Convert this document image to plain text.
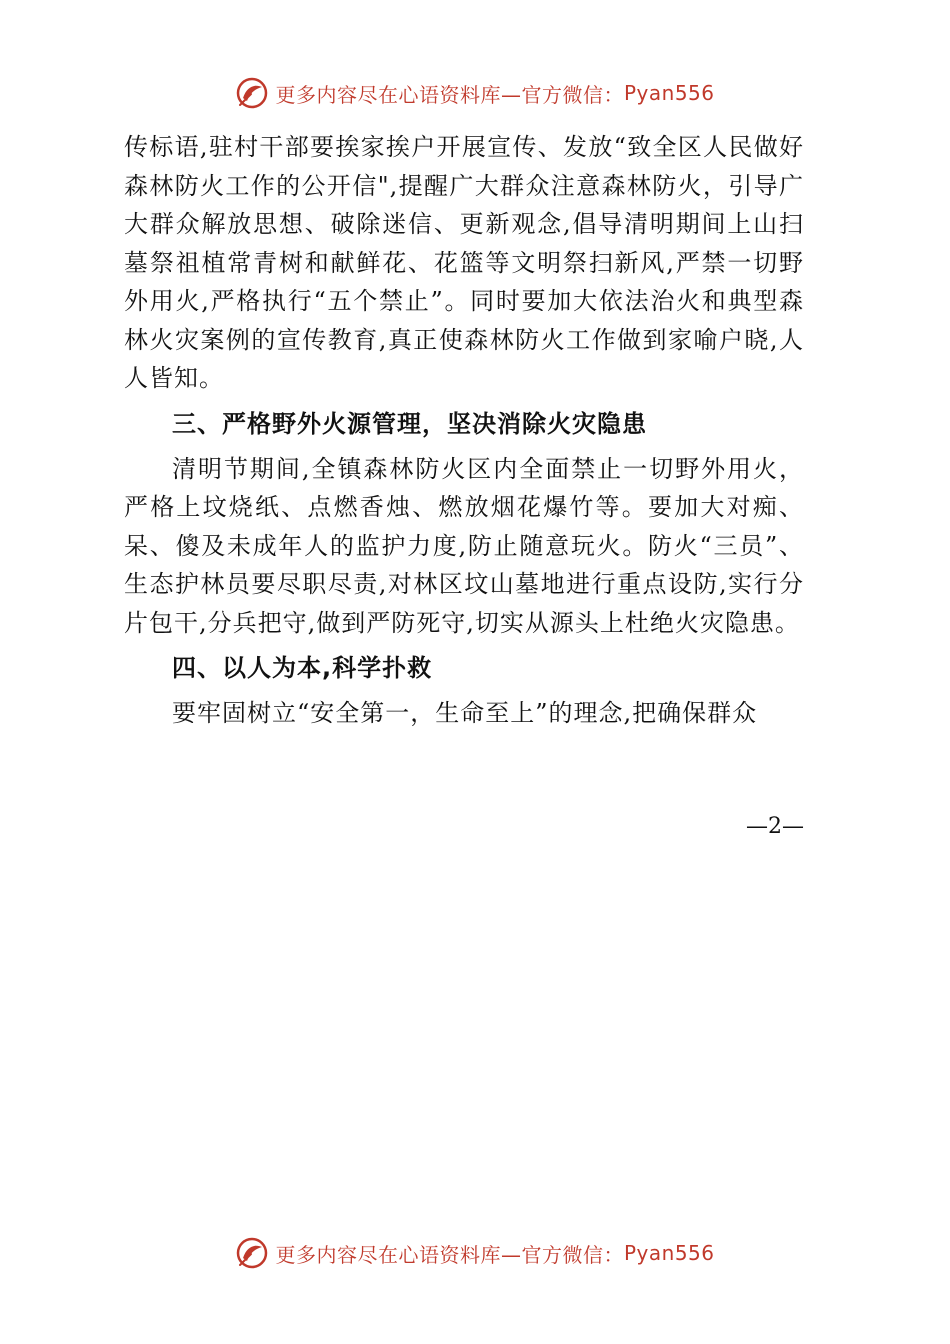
更多内容尽在心语资料库—官方微信： Pyan556

传标语,驻村干部要挨家挨户开展宣传、发放“致全区人民做好森林防火工作的公开信",提醒广大群众注意森林防火，引导广大群众解放思想、破除迷信、更新观念,倡导清明期间上山扫墓祭祖植常青树和献鲜花、花篮等文明祭扫新风,严禁一切野外用火,严格执行“五个禁止”。同时要加大依法治火和典型森林火灾案例的宣传教育,真正使森林防火工作做到家喻户晓,人人皆知。

三、严格野外火源管理，坚决消除火灾隐患

清明节期间,全镇森林防火区内全面禁止一切野外用火，严格上坟烧纸、点燃香烛、燃放烟花爆竹等。要加大对痴、呆、傻及未成年人的监护力度,防止随意玩火。防火“三员”、生态护林员要尽职尽责,对林区坟山墓地进行重点设防,实行分片包干,分兵把守,做到严防死守,切实从源头上杜绝火灾隐患。

四、以人为本,科学扑救

要牢固树立“安全第一，生命至上”的理念,把确保群众

—2—
更多内容尽在心语资料库—官方微信： Pyan556
